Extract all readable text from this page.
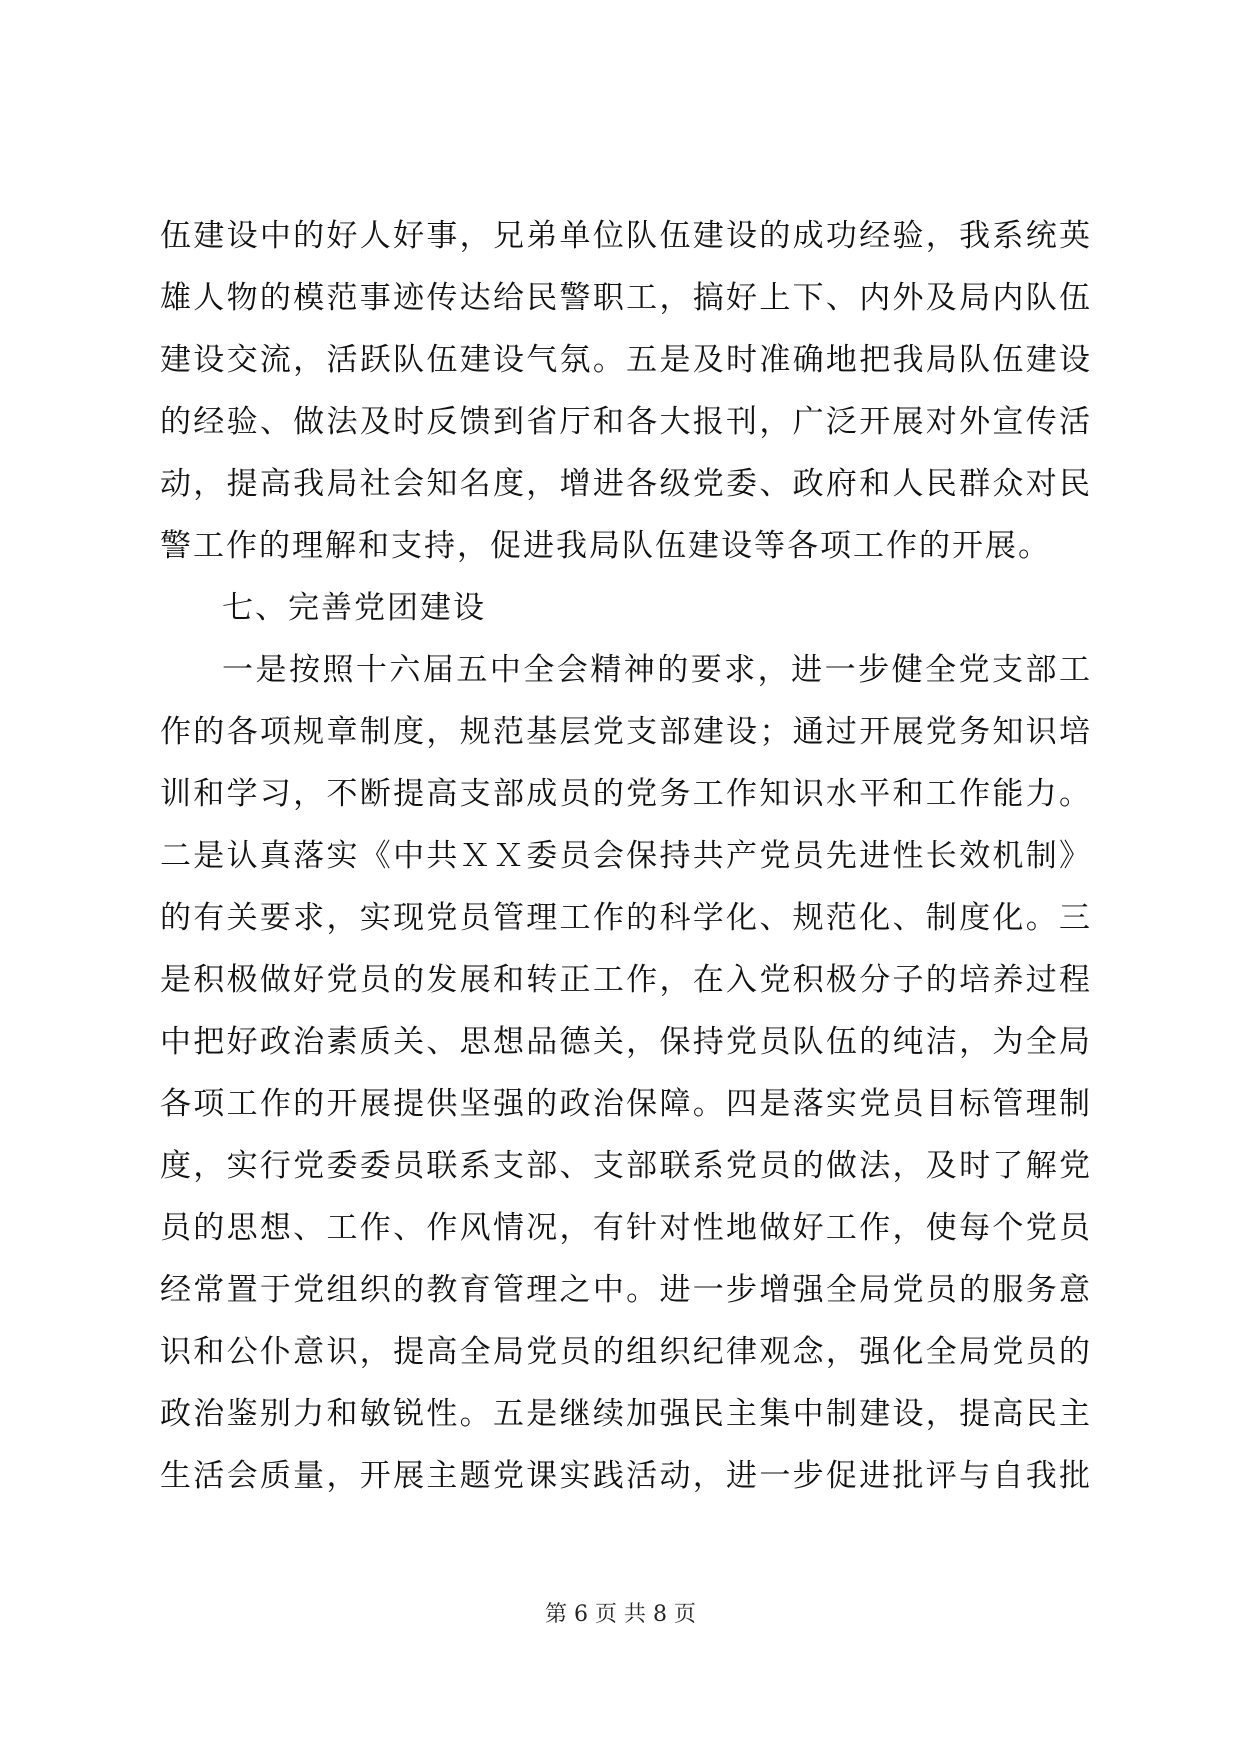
伍建设中的好人好事，兄弟单位队伍建设的成功经验，我系统英
雄人物的模范事迹传达给民警职工，搞好上下、内外及局内队伍
建设交流，活跃队伍建设气氛。五是及时准确地把我局队伍建设
的经验、做法及时反馈到省厅和各大报刊，广泛开展对外宣传活
动，提高我局社会知名度，增进各级党委、政府和人民群众对民
警工作的理解和支持，促进我局队伍建设等各项工作的开展。
七、完善党团建设
一是按照十六届五中全会精神的要求，进一步健全党支部工
作的各项规章制度，规范基层党支部建设；通过开展党务知识培
训和学习，不断提高支部成员的党务工作知识水平和工作能力。
二是认真落实《中共ＸＸ委员会保持共产党员先进性长效机制》
的有关要求，实现党员管理工作的科学化、规范化、制度化。三
是积极做好党员的发展和转正工作，在入党积极分子的培养过程
中把好政治素质关、思想品德关，保持党员队伍的纯洁，为全局
各项工作的开展提供坚强的政治保障。四是落实党员目标管理制
度，实行党委委员联系支部、支部联系党员的做法，及时了解党
员的思想、工作、作风情况，有针对性地做好工作，使每个党员
经常置于党组织的教育管理之中。进一步增强全局党员的服务意
识和公仆意识，提高全局党员的组织纪律观念，强化全局党员的
政治鉴别力和敏锐性。五是继续加强民主集中制建设，提高民主
生活会质量，开展主题党课实践活动，进一步促进批评与自我批
第 6 页 共 8 页
